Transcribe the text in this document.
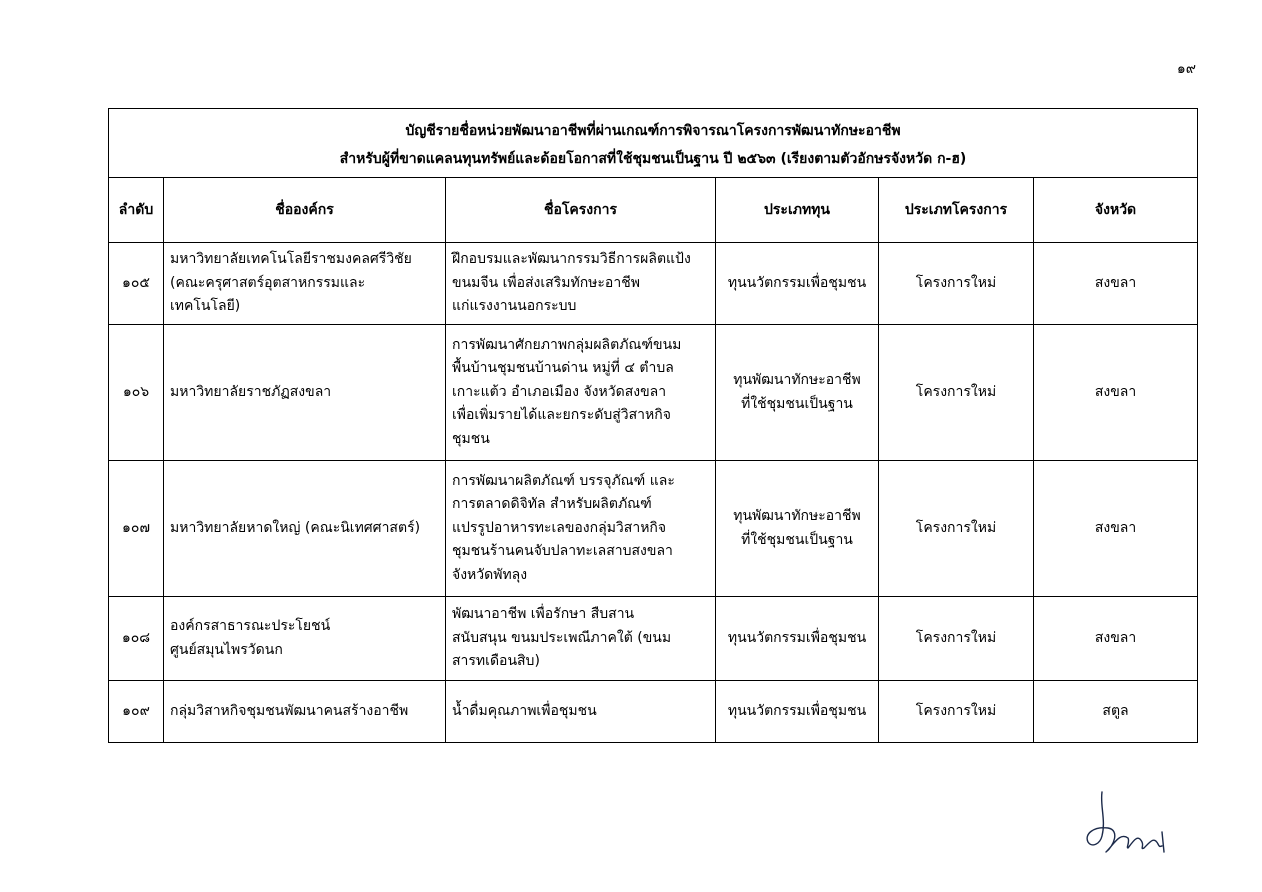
๑๙
บัญชีรายชื่อหน่วยพัฒนาอาชีพที่ผ่านเกณฑ์การพิจารณาโครงการพัฒนาทักษะอาชีพ
สำหรับผู้ที่ขาดแคลนทุนทรัพย์และด้อยโอกาสที่ใช้ชุมชนเป็นฐาน ปี ๒๕๖๓ (เรียงตามตัวอักษรจังหวัด ก-ฮ)					

ลำดับ	ชื่อองค์กร	ชื่อโครงการ	ประเภททุน	ประเภทโครงการ	จังหวัด
๑๐๕	มหาวิทยาลัยเทคโนโลยีราชมงคลศรีวิชัย
(คณะครุศาสตร์อุตสาหกรรมและ
เทคโนโลยี)	ฝึกอบรมและพัฒนากรรมวิธีการผลิตแป้ง
ขนมจีน เพื่อส่งเสริมทักษะอาชีพ
แก่แรงงานนอกระบบ	ทุนนวัตกรรมเพื่อชุมชน	โครงการใหม่	สงขลา
๑๐๖	มหาวิทยาลัยราชภัฏสงขลา	การพัฒนาศักยภาพกลุ่มผลิตภัณฑ์ขนม
พื้นบ้านชุมชนบ้านด่าน หมู่ที่ ๔ ตำบล
เกาะแต้ว อำเภอเมือง จังหวัดสงขลา
เพื่อเพิ่มรายได้และยกระดับสู่วิสาหกิจ
ชุมชน	ทุนพัฒนาทักษะอาชีพ
ที่ใช้ชุมชนเป็นฐาน	โครงการใหม่	สงขลา
๑๐๗	มหาวิทยาลัยหาดใหญ่ (คณะนิเทศศาสตร์)	การพัฒนาผลิตภัณฑ์ บรรจุภัณฑ์ และ
การตลาดดิจิทัล สำหรับผลิตภัณฑ์
แปรรูปอาหารทะเลของกลุ่มวิสาหกิจ
ชุมชนร้านคนจับปลาทะเลสาบสงขลา
จังหวัดพัทลุง	ทุนพัฒนาทักษะอาชีพ
ที่ใช้ชุมชนเป็นฐาน	โครงการใหม่	สงขลา
๑๐๘	องค์กรสาธารณะประโยชน์
ศูนย์สมุนไพรวัดนก	พัฒนาอาชีพ เพื่อรักษา สืบสาน
สนับสนุน ขนมประเพณีภาคใต้ (ขนม
สารทเดือนสิบ)	ทุนนวัตกรรมเพื่อชุมชน	โครงการใหม่	สงขลา
๑๐๙	กลุ่มวิสาหกิจชุมชนพัฒนาคนสร้างอาชีพ	น้ำดื่มคุณภาพเพื่อชุมชน	ทุนนวัตกรรมเพื่อชุมชน	โครงการใหม่	สตูล
